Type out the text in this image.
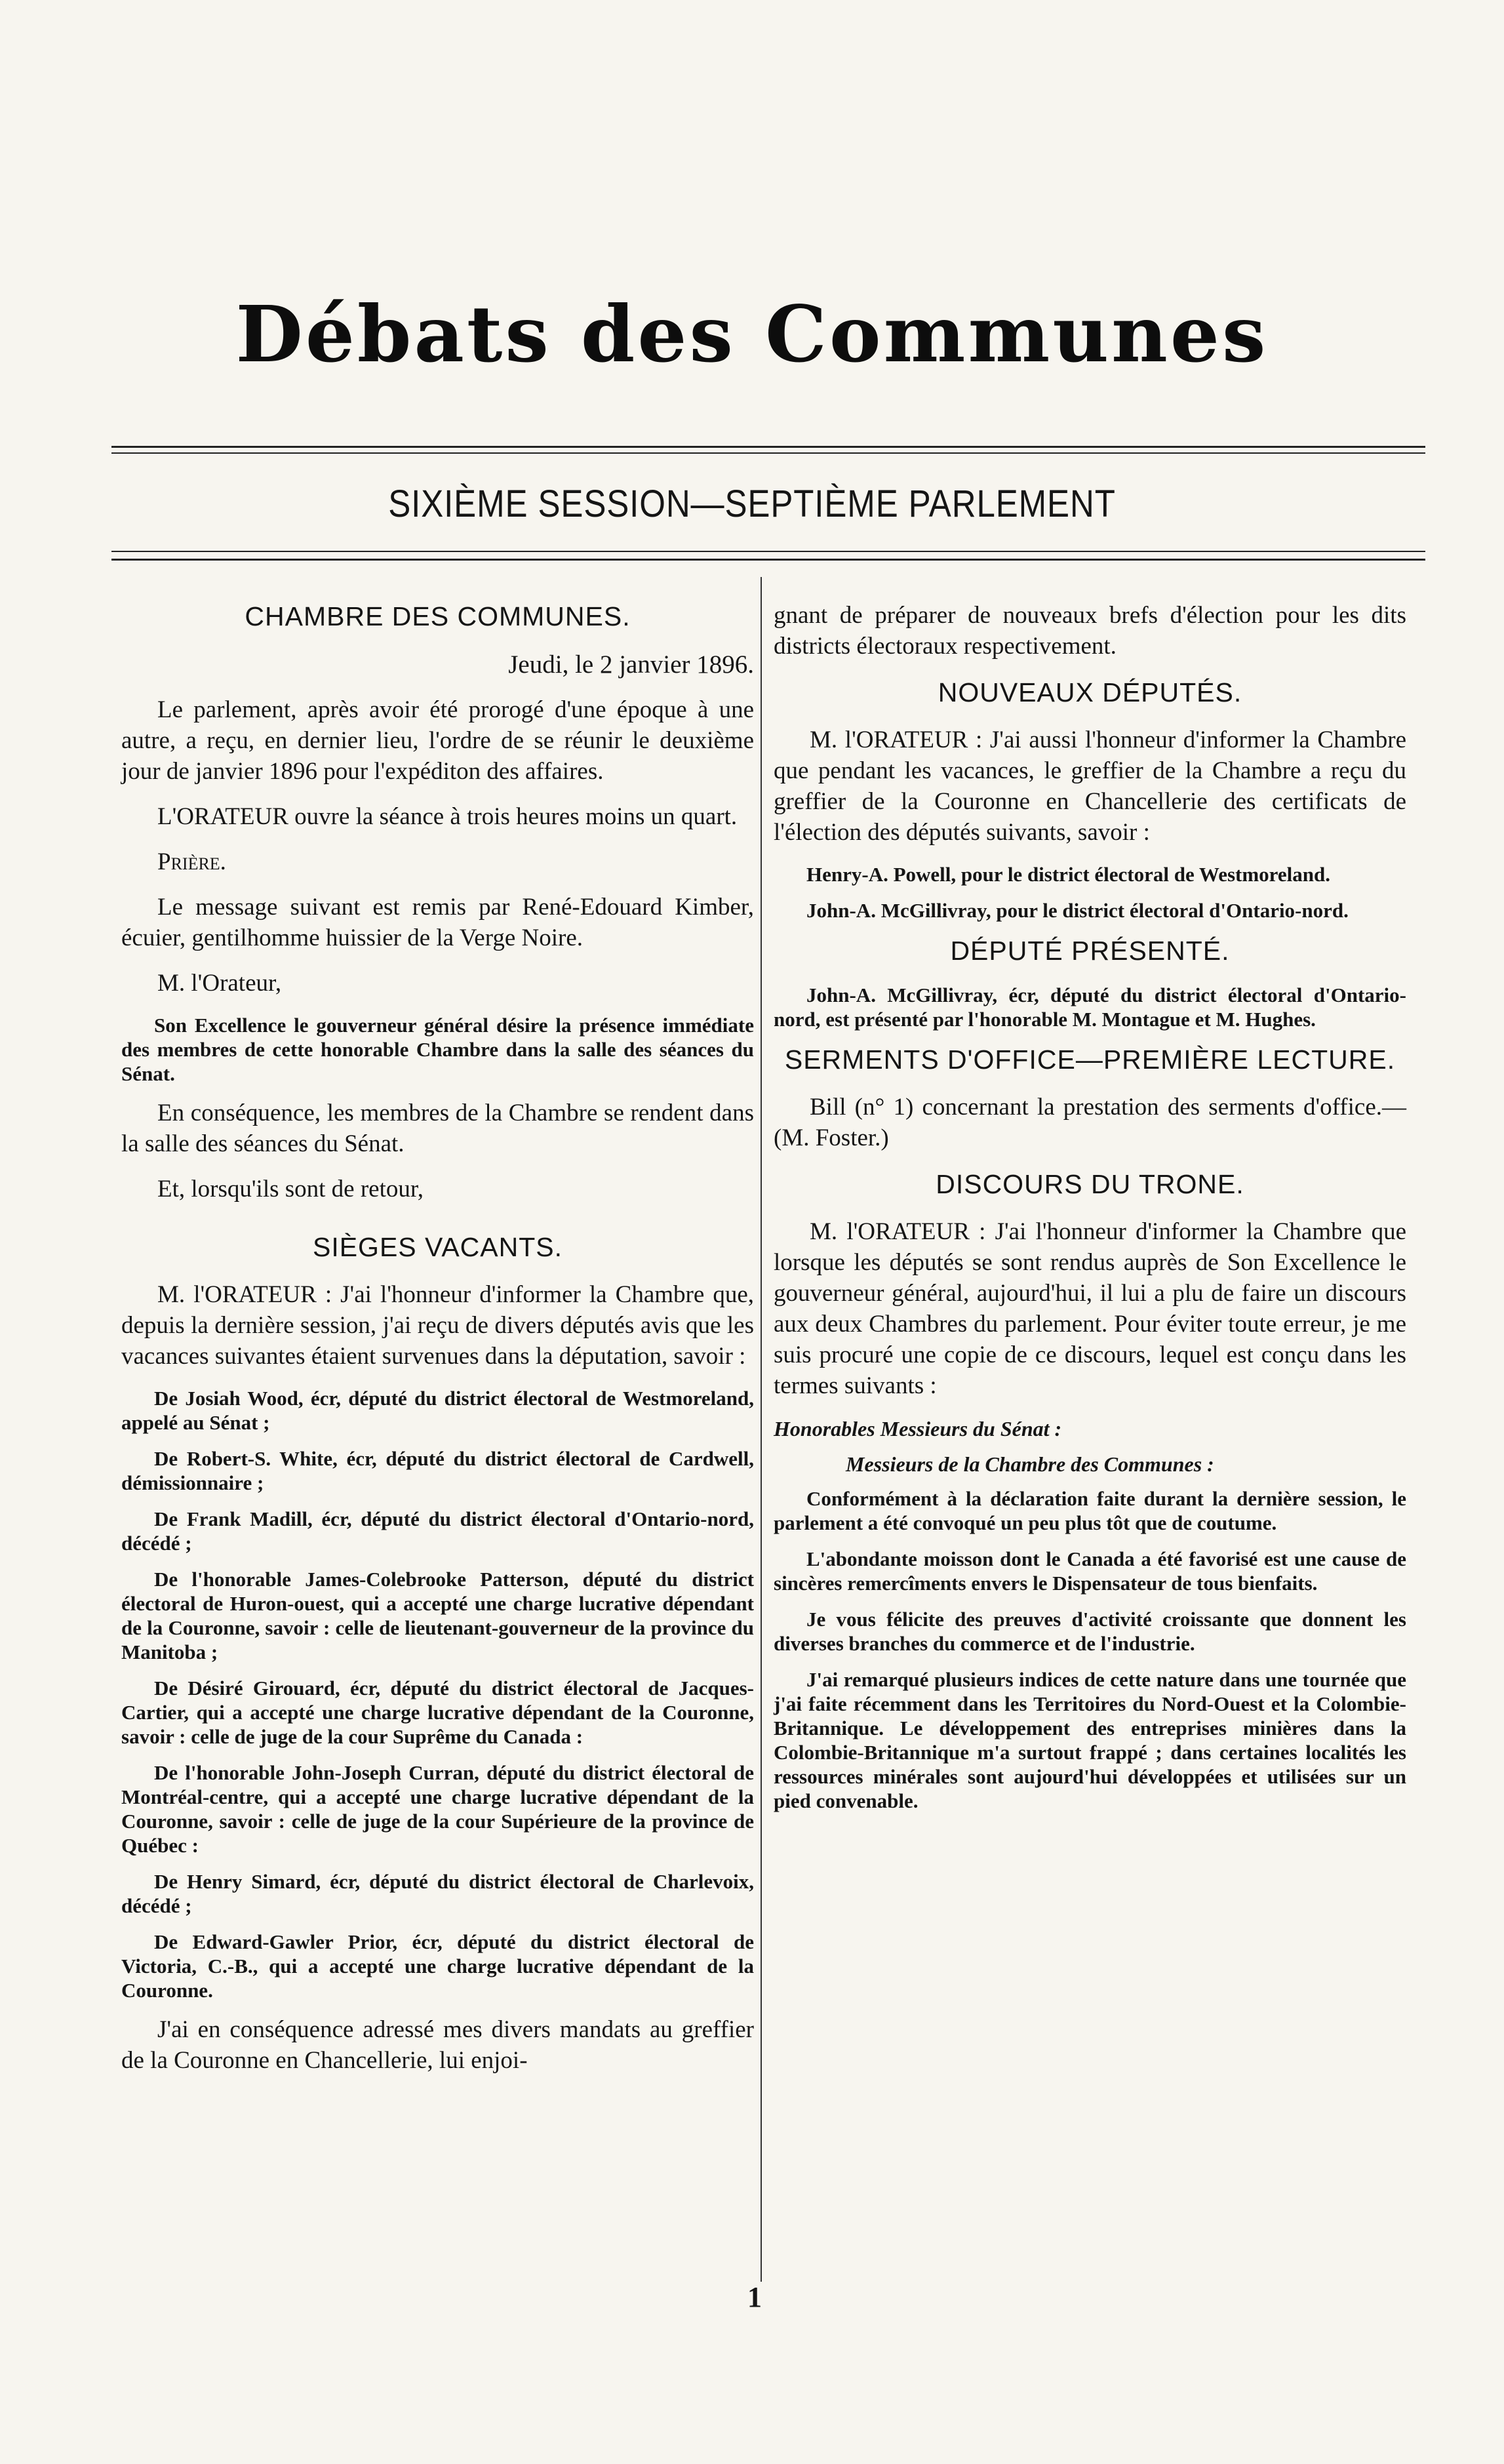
Débats des Communes
SIXIÈME SESSION—SEPTIÈME PARLEMENT
CHAMBRE DES COMMUNES.
Jeudi, le 2 janvier 1896.
Le parlement, après avoir été prorogé d'une époque à une autre, a reçu, en dernier lieu, l'ordre de se réunir le deuxième jour de janvier 1896 pour l'expéditon des affaires.
L'ORATEUR ouvre la séance à trois heures moins un quart.
Prière.
Le message suivant est remis par René-Edouard Kimber, écuier, gentilhomme huissier de la Verge Noire.
M. l'Orateur,
Son Excellence le gouverneur général désire la présence immédiate des membres de cette honorable Chambre dans la salle des séances du Sénat.
En conséquence, les membres de la Chambre se rendent dans la salle des séances du Sénat.
Et, lorsqu'ils sont de retour,
SIÈGES VACANTS.
M. l'ORATEUR : J'ai l'honneur d'informer la Chambre que, depuis la dernière session, j'ai reçu de divers députés avis que les vacances suivantes étaient survenues dans la députation, savoir :
De Josiah Wood, écr, député du district électoral de Westmoreland, appelé au Sénat ;
De Robert-S. White, écr, député du district électoral de Cardwell, démissionnaire ;
De Frank Madill, écr, député du district électoral d'Ontario-nord, décédé ;
De l'honorable James-Colebrooke Patterson, député du district électoral de Huron-ouest, qui a accepté une charge lucrative dépendant de la Couronne, savoir : celle de lieutenant-gouverneur de la province du Manitoba ;
De Désiré Girouard, écr, député du district électoral de Jacques-Cartier, qui a accepté une charge lucrative dépendant de la Couronne, savoir : celle de juge de la cour Suprême du Canada :
De l'honorable John-Joseph Curran, député du district électoral de Montréal-centre, qui a accepté une charge lucrative dépendant de la Couronne, savoir : celle de juge de la cour Supérieure de la province de Québec :
De Henry Simard, écr, député du district électoral de Charlevoix, décédé ;
De Edward-Gawler Prior, écr, député du district électoral de Victoria, C.-B., qui a accepté une charge lucrative dépendant de la Couronne.
J'ai en conséquence adressé mes divers mandats au greffier de la Couronne en Chancellerie, lui enjoi-
gnant de préparer de nouveaux brefs d'élection pour les dits districts électoraux respectivement.
NOUVEAUX DÉPUTÉS.
M. l'ORATEUR : J'ai aussi l'honneur d'informer la Chambre que pendant les vacances, le greffier de la Chambre a reçu du greffier de la Couronne en Chancellerie des certificats de l'élection des députés suivants, savoir :
Henry-A. Powell, pour le district électoral de Westmoreland.
John-A. McGillivray, pour le district électoral d'Ontario-nord.
DÉPUTÉ PRÉSENTÉ.
John-A. McGillivray, écr, député du district électoral d'Ontario-nord, est présenté par l'honorable M. Montague et M. Hughes.
SERMENTS D'OFFICE—PREMIÈRE LECTURE.
Bill (n° 1) concernant la prestation des serments d'office.—(M. Foster.)
DISCOURS DU TRONE.
M. l'ORATEUR : J'ai l'honneur d'informer la Chambre que lorsque les députés se sont rendus auprès de Son Excellence le gouverneur général, aujourd'hui, il lui a plu de faire un discours aux deux Chambres du parlement. Pour éviter toute erreur, je me suis procuré une copie de ce discours, lequel est conçu dans les termes suivants :
Honorables Messieurs du Sénat :
Messieurs de la Chambre des Communes :
Conformément à la déclaration faite durant la dernière session, le parlement a été convoqué un peu plus tôt que de coutume.
L'abondante moisson dont le Canada a été favorisé est une cause de sincères remercîments envers le Dispensateur de tous bienfaits.
Je vous félicite des preuves d'activité croissante que donnent les diverses branches du commerce et de l'industrie.
J'ai remarqué plusieurs indices de cette nature dans une tournée que j'ai faite récemment dans les Territoires du Nord-Ouest et la Colombie-Britannique. Le développement des entreprises minières dans la Colombie-Britannique m'a surtout frappé ; dans certaines localités les ressources minérales sont aujourd'hui développées et utilisées sur un pied convenable.
1
